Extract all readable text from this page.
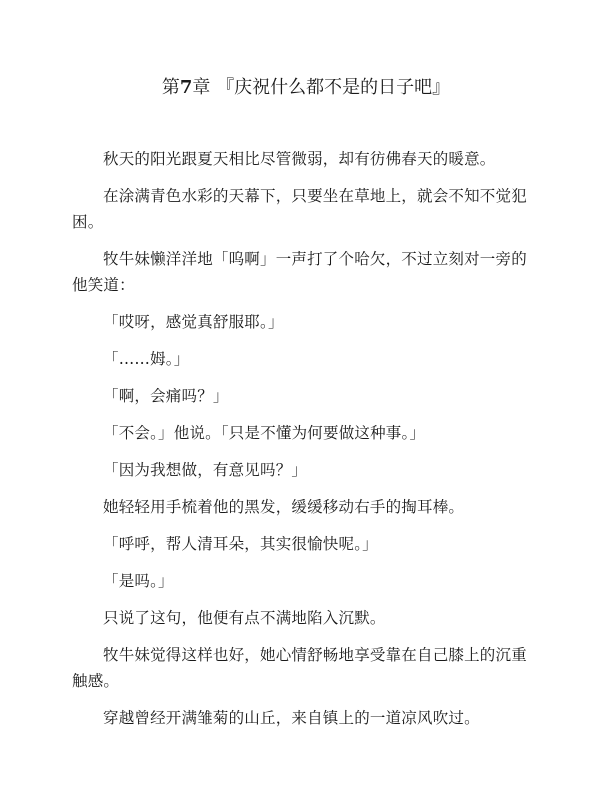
第7章 『庆祝什么都不是的日子吧』

秋天的阳光跟夏天相比尽管微弱，却有彷佛春天的暖意。

在涂满青色水彩的天幕下，只要坐在草地上，就会不知不觉犯困。

牧牛妹懒洋洋地「呜啊」一声打了个哈欠，不过立刻对一旁的他笑道：

「哎呀，感觉真舒服耶。」

「……姆。」

「啊，会痛吗？」

「不会。」他说。「只是不懂为何要做这种事。」

「因为我想做，有意见吗？」

她轻轻用手梳着他的黑发，缓缓移动右手的掏耳棒。

「呼呼，帮人清耳朵，其实很愉快呢。」

「是吗。」

只说了这句，他便有点不满地陷入沉默。

牧牛妹觉得这样也好，她心情舒畅地享受靠在自己膝上的沉重触感。

穿越曾经开满雏菊的山丘，来自镇上的一道凉风吹过。
